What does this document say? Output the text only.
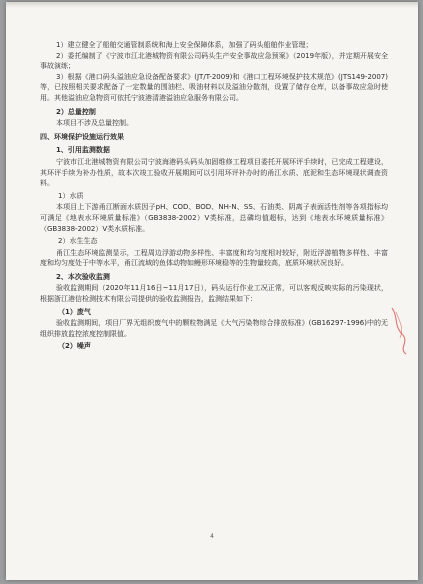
1）建立健全了船舶交通管制系统和海上安全保障体系，加强了码头船舶作业管理；

2）委托编制了《宁波市江北港城物资有限公司码头生产安全事故应急预案》（2019年版），并定期开展安全事故演练；

3）根据《港口码头溢油应急设备配备要求》(JT/T-2009)和《港口工程环境保护技术规范》(JTS149-2007)等，已按照相关要求配备了一定数量的围油栏、吸油材料以及溢油分散剂，设置了储存仓库，以备事故应急时使用。其他溢油应急物资可依托宁波港清港溢油应急服务有限公司。

2）总量控制

本项目不涉及总量控制。

四、环境保护设施运行效果

1、引用监测数据

宁波市江北港城物资有限公司宁波海港码头码头加固维修工程项目委托开展环评手续时，已完成工程建设，其环评手续为补办性质，故本次竣工验收开展期间可以引用环评补办时的甬江水质、底泥和生态环境现状调查资料。

1）水质

本项目上下游甬江断面水质因子pH、COD、BOD、NH-N、SS、石油类、阴离子表面活性剂等各项指标均可满足《地表水环境质量标准》（GB3838-2002）Ⅴ类标准，总磷均值超标，达到《地表水环境质量标准》（GB3838-2002）Ⅴ类水质标准。

2）水生生态

甬江生态环境监测显示，工程周边浮游动物多样性、丰富度和均匀度相对较好，附近浮游植物多样性、丰富度和均匀度处于中等水平，甬江流域的鱼体动物如鳗形环境稳等的生物量较高，底质环境状况良好。

2、本次验收监测

验收监测期间（2020年11月16日~11月17日），码头运行作业工况正常，可以客观反映实际的污染现状，根据浙江港信检测技术有限公司提供的验收监测报告，监测结果如下：

（1）废气

验收监测期间，项目厂界无组织废气中的颗粒物满足《大气污染物综合排放标准》(GB16297-1996)中的无组织排放监控浓度控制限值。

（2）噪声

4
